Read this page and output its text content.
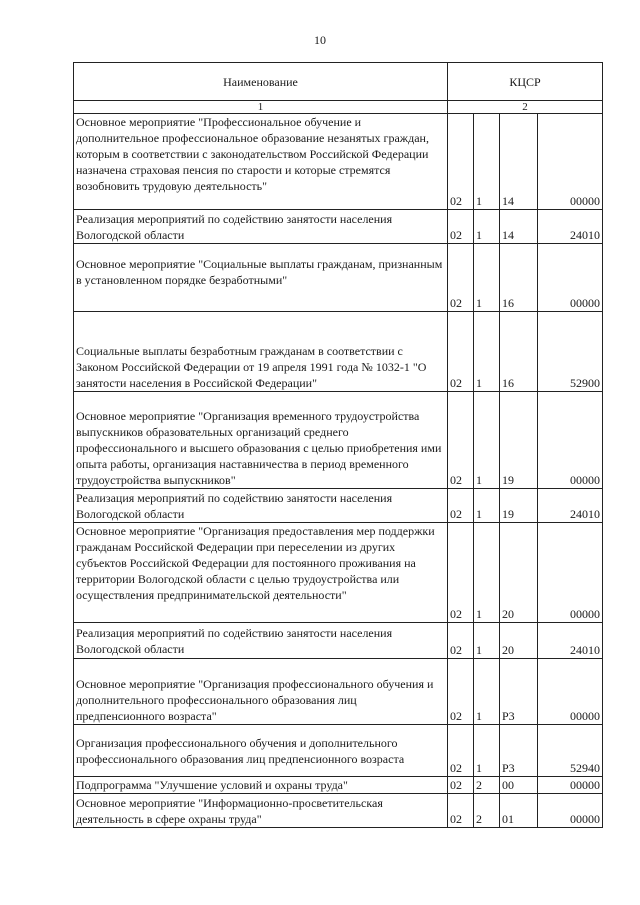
10
Наименование	КЦСР			
1	2			
Основное мероприятие "Профессиональное обучение и дополнительное профессиональное образование незанятых граждан, которым в соответствии с законодательством Российской Федерации назначена страховая пенсия по старости и которые стремятся возобновить трудовую деятельность"	02	1	14	00000
Реализация мероприятий по содействию занятости населения Вологодской области	02	1	14	24010
Основное мероприятие "Социальные выплаты гражданам, признанным в установленном порядке безработными"	02	1	16	00000
Социальные выплаты безработным гражданам в соответствии с Законом Российской Федерации от 19 апреля 1991 года № 1032-1 "О занятости населения в Российской Федерации"	02	1	16	52900
Основное мероприятие "Организация временного трудоустройства выпускников образовательных организаций среднего профессионального и высшего образования с целью приобретения ими опыта работы, организация наставничества в период временного трудоустройства выпускников"	02	1	19	00000
Реализация мероприятий по содействию занятости населения Вологодской области	02	1	19	24010
Основное мероприятие "Организация предоставления мер поддержки гражданам Российской Федерации при переселении из других субъектов Российской Федерации для постоянного проживания на территории Вологодской области с целью трудоустройства или осуществления предпринимательской деятельности"	02	1	20	00000
Реализация мероприятий по содействию занятости населения Вологодской области	02	1	20	24010
Основное мероприятие "Организация профессионального обучения и дополнительного профессионального образования лиц предпенсионного возраста"	02	1	P3	00000
Организация профессионального обучения и дополнительного профессионального образования лиц предпенсионного возраста	02	1	P3	52940
Подпрограмма "Улучшение условий и охраны труда"	02	2	00	00000
Основное мероприятие "Информационно-просветительская деятельность в сфере охраны труда"	02	2	01	00000
